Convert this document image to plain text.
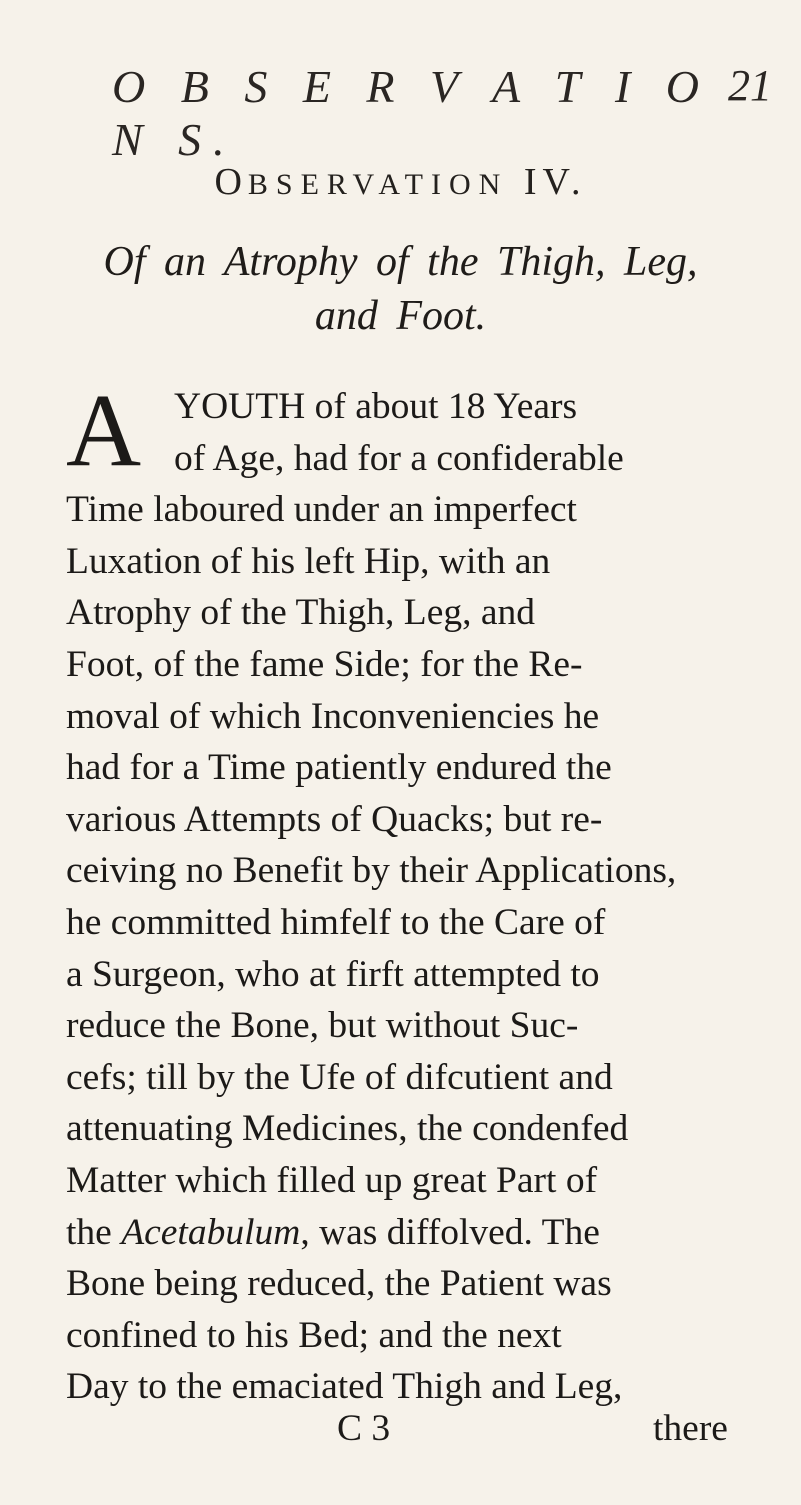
O B S E R V A T I O N S.
21
OBSERVATION IV.
Of an Atrophy of the Thigh, Leg,
and Foot.
A YOUTH of about 18 Years
of Age, had for a confiderable
Time laboured under an imperfect
Luxation of his left Hip, with an
Atrophy of the Thigh, Leg, and
Foot, of the fame Side; for the Re-
moval of which Inconveniencies he
had for a Time patiently endured the
various Attempts of Quacks; but re-
ceiving no Benefit by their Applications,
he committed himfelf to the Care of
a Surgeon, who at firft attempted to
reduce the Bone, but without Suc-
cefs; till by the Ufe of difcutient and
attenuating Medicines, the condenfed
Matter which filled up great Part of
the Acetabulum, was diffolved. The
Bone being reduced, the Patient was
confined to his Bed; and the next
Day to the emaciated Thigh and Leg,
C 3	there
